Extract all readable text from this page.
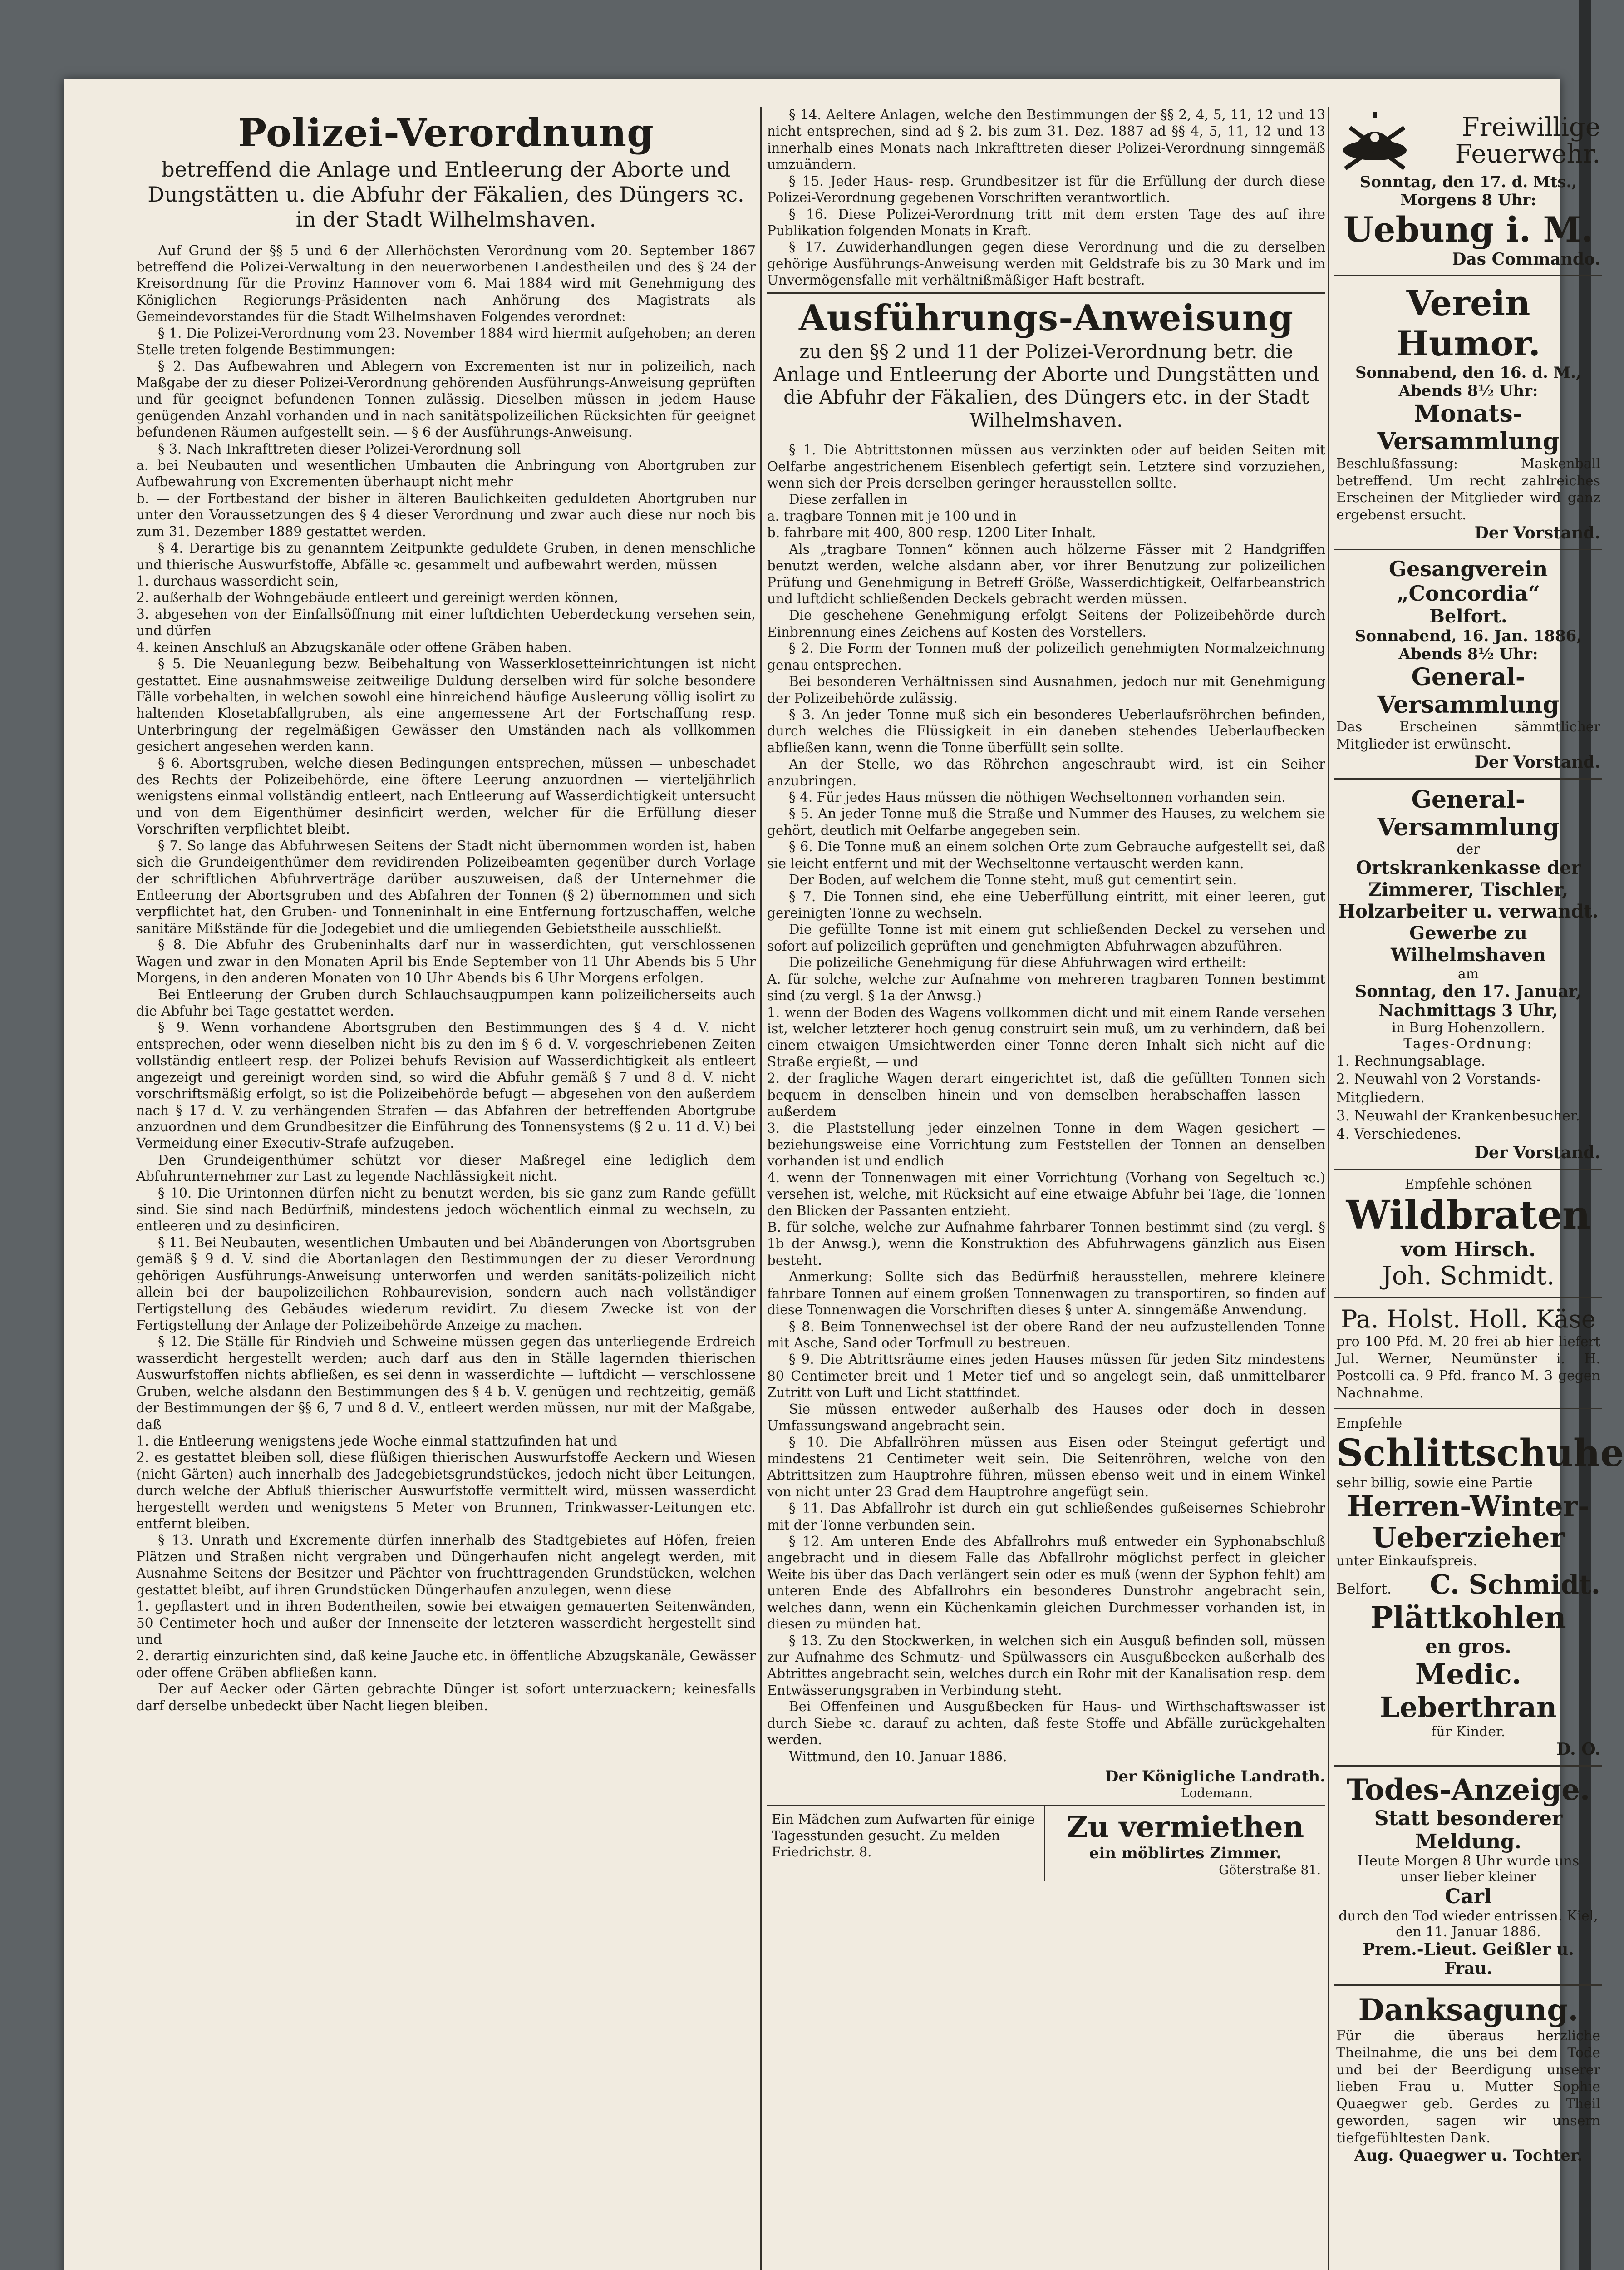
Polizei-Verordnung
betreffend die Anlage und Entleerung der Aborte und Dungstätten u. die Abfuhr der Fäkalien, des Düngers ꝛc. in der Stadt Wilhelmshaven.

Auf Grund der §§ 5 und 6 der Allerhöchsten Verordnung vom 20. September 1867 betreffend die Polizei-Verwaltung in den neuerworbenen Landestheilen und des § 24 der Kreisordnung für die Provinz Hannover vom 6. Mai 1884 wird mit Genehmigung des Königlichen Regierungs-Präsidenten nach Anhörung des Magistrats als Gemeindevorstandes für die Stadt Wilhelmshaven Folgendes verordnet:

§ 1. Die Polizei-Verordnung vom 23. November 1884 wird hiermit aufgehoben; an deren Stelle treten folgende Bestimmungen:

§ 2. Das Aufbewahren und Ablegern von Excrementen ist nur in polizeilich, nach Maßgabe der zu dieser Polizei-Verordnung gehörenden Ausführungs-Anweisung geprüften und für geeignet befundenen Tonnen zulässig. Dieselben müssen in jedem Hause genügenden Anzahl vorhanden und in nach sanitätspolizeilichen Rücksichten für geeignet befundenen Räumen aufgestellt sein. — § 6 der Ausführungs-Anweisung.

§ 3. Nach Inkrafttreten dieser Polizei-Verordnung soll

a. bei Neubauten und wesentlichen Umbauten die Anbringung von Abortgruben zur Aufbewahrung von Excrementen überhaupt nicht mehr

b. — der Fortbestand der bisher in älteren Baulichkeiten geduldeten Abortgruben nur unter den Voraussetzungen des § 4 dieser Verordnung und zwar auch diese nur noch bis zum 31. Dezember 1889 gestattet werden.

§ 4. Derartige bis zu genanntem Zeitpunkte geduldete Gruben, in denen menschliche und thierische Auswurfstoffe, Abfälle ꝛc. gesammelt und aufbewahrt werden, müssen

1. durchaus wasserdicht sein,

2. außerhalb der Wohngebäude entleert und gereinigt werden können,

3. abgesehen von der Einfallsöffnung mit einer luftdichten Ueberdeckung versehen sein, und dürfen

4. keinen Anschluß an Abzugskanäle oder offene Gräben haben.

§ 5. Die Neuanlegung bezw. Beibehaltung von Wasserklosetteinrichtungen ist nicht gestattet. Eine ausnahmsweise zeitweilige Duldung derselben wird für solche besondere Fälle vorbehalten, in welchen sowohl eine hinreichend häufige Ausleerung völlig isolirt zu haltenden Klosetabfallgruben, als eine angemessene Art der Fortschaffung resp. Unterbringung der regelmäßigen Gewässer den Umständen nach als vollkommen gesichert angesehen werden kann.

§ 6. Abortsgruben, welche diesen Bedingungen entsprechen, müssen — unbeschadet des Rechts der Polizeibehörde, eine öftere Leerung anzuordnen — vierteljährlich wenigstens einmal vollständig entleert, nach Entleerung auf Wasserdichtigkeit untersucht und von dem Eigenthümer desinficirt werden, welcher für die Erfüllung dieser Vorschriften verpflichtet bleibt.

§ 7. So lange das Abfuhrwesen Seitens der Stadt nicht übernommen worden ist, haben sich die Grundeigenthümer dem revidirenden Polizeibeamten gegenüber durch Vorlage der schriftlichen Abfuhrverträge darüber auszuweisen, daß der Unternehmer die Entleerung der Abortsgruben und des Abfahren der Tonnen (§ 2) übernommen und sich verpflichtet hat, den Gruben- und Tonneninhalt in eine Entfernung fortzuschaffen, welche sanitäre Mißstände für die Jodegebiet und die umliegenden Gebietstheile ausschließt.

§ 8. Die Abfuhr des Grubeninhalts darf nur in wasserdichten, gut verschlossenen Wagen und zwar in den Monaten April bis Ende September von 11 Uhr Abends bis 5 Uhr Morgens, in den anderen Monaten von 10 Uhr Abends bis 6 Uhr Morgens erfolgen.

Bei Entleerung der Gruben durch Schlauchsaugpumpen kann polizeilicherseits auch die Abfuhr bei Tage gestattet werden.

§ 9. Wenn vorhandene Abortsgruben den Bestimmungen des § 4 d. V. nicht entsprechen, oder wenn dieselben nicht bis zu den im § 6 d. V. vorgeschriebenen Zeiten vollständig entleert resp. der Polizei behufs Revision auf Wasserdichtigkeit als entleert angezeigt und gereinigt worden sind, so wird die Abfuhr gemäß § 7 und 8 d. V. nicht vorschriftsmäßig erfolgt, so ist die Polizeibehörde befugt — abgesehen von den außerdem nach § 17 d. V. zu verhängenden Strafen — das Abfahren der betreffenden Abortgrube anzuordnen und dem Grundbesitzer die Einführung des Tonnensystems (§ 2 u. 11 d. V.) bei Vermeidung einer Executiv-Strafe aufzugeben.

Den Grundeigenthümer schützt vor dieser Maßregel eine lediglich dem Abfuhrunternehmer zur Last zu legende Nachlässigkeit nicht.

§ 10. Die Urintonnen dürfen nicht zu benutzt werden, bis sie ganz zum Rande gefüllt sind. Sie sind nach Bedürfniß, mindestens jedoch wöchentlich einmal zu wechseln, zu entleeren und zu desinficiren.

§ 11. Bei Neubauten, wesentlichen Umbauten und bei Abänderungen von Abortsgruben gemäß § 9 d. V. sind die Abortanlagen den Bestimmungen der zu dieser Verordnung gehörigen Ausführungs-Anweisung unterworfen und werden sanitäts-polizeilich nicht allein bei der baupolizeilichen Rohbaurevision, sondern auch nach vollständiger Fertigstellung des Gebäudes wiederum revidirt. Zu diesem Zwecke ist von der Fertigstellung der Anlage der Polizeibehörde Anzeige zu machen.

§ 12. Die Ställe für Rindvieh und Schweine müssen gegen das unterliegende Erdreich wasserdicht hergestellt werden; auch darf aus den in Ställe lagernden thierischen Auswurfstoffen nichts abfließen, es sei denn in wasserdichte — luftdicht — verschlossene Gruben, welche alsdann den Bestimmungen des § 4 b. V. genügen und rechtzeitig, gemäß der Bestimmungen der §§ 6, 7 und 8 d. V., entleert werden müssen, nur mit der Maßgabe, daß

1. die Entleerung wenigstens jede Woche einmal stattzufinden hat und

2. es gestattet bleiben soll, diese flüßigen thierischen Auswurfstoffe Aeckern und Wiesen (nicht Gärten) auch innerhalb des Jadegebietsgrundstückes, jedoch nicht über Leitungen, durch welche der Abfluß thierischer Auswurfstoffe vermittelt wird, müssen wasserdicht hergestellt werden und wenigstens 5 Meter von Brunnen, Trinkwasser-Leitungen etc. entfernt bleiben.

§ 13. Unrath und Excremente dürfen innerhalb des Stadtgebietes auf Höfen, freien Plätzen und Straßen nicht vergraben und Düngerhaufen nicht angelegt werden, mit Ausnahme Seitens der Besitzer und Pächter von fruchttragenden Grundstücken, welchen gestattet bleibt, auf ihren Grundstücken Düngerhaufen anzulegen, wenn diese

1. gepflastert und in ihren Bodentheilen, sowie bei etwaigen gemauerten Seitenwänden, 50 Centimeter hoch und außer der Innenseite der letzteren wasserdicht hergestellt sind und

2. derartig einzurichten sind, daß keine Jauche etc. in öffentliche Abzugskanäle, Gewässer oder offene Gräben abfließen kann.

Der auf Aecker oder Gärten gebrachte Dünger ist sofort unterzuackern; keinesfalls darf derselbe unbedeckt über Nacht liegen bleiben.

§ 14. Aeltere Anlagen, welche den Bestimmungen der §§ 2, 4, 5, 11, 12 und 13 nicht entsprechen, sind ad § 2. bis zum 31. Dez. 1887 ad §§ 4, 5, 11, 12 und 13 innerhalb eines Monats nach Inkrafttreten dieser Polizei-Verordnung sinngemäß umzuändern.

§ 15. Jeder Haus- resp. Grundbesitzer ist für die Erfüllung der durch diese Polizei-Verordnung gegebenen Vorschriften verantwortlich.

§ 16. Diese Polizei-Verordnung tritt mit dem ersten Tage des auf ihre Publikation folgenden Monats in Kraft.

§ 17. Zuwiderhandlungen gegen diese Verordnung und die zu derselben gehörige Ausführungs-Anweisung werden mit Geldstrafe bis zu 30 Mark und im Unvermögensfalle mit verhältnißmäßiger Haft bestraft.

Ausführungs-Anweisung
zu den §§ 2 und 11 der Polizei-Verordnung betr. die Anlage und Entleerung der Aborte und Dungstätten und die Abfuhr der Fäkalien, des Düngers etc. in der Stadt Wilhelmshaven.

§ 1. Die Abtrittstonnen müssen aus verzinkten oder auf beiden Seiten mit Oelfarbe angestrichenem Eisenblech gefertigt sein. Letztere sind vorzuziehen, wenn sich der Preis derselben geringer herausstellen sollte.

Diese zerfallen in

a. tragbare Tonnen mit je 100 und in

b. fahrbare mit 400, 800 resp. 1200 Liter Inhalt.

Als „tragbare Tonnen“ können auch hölzerne Fässer mit 2 Handgriffen benutzt werden, welche alsdann aber, vor ihrer Benutzung zur polizeilichen Prüfung und Genehmigung in Betreff Größe, Wasserdichtigkeit, Oelfarbeanstrich und luftdicht schließenden Deckels gebracht werden müssen.

Die geschehene Genehmigung erfolgt Seitens der Polizeibehörde durch Einbrennung eines Zeichens auf Kosten des Vorstellers.

§ 2. Die Form der Tonnen muß der polizeilich genehmigten Normalzeichnung genau entsprechen.

Bei besonderen Verhältnissen sind Ausnahmen, jedoch nur mit Genehmigung der Polizeibehörde zulässig.

§ 3. An jeder Tonne muß sich ein besonderes Ueberlaufsröhrchen befinden, durch welches die Flüssigkeit in ein daneben stehendes Ueberlaufbecken abfließen kann, wenn die Tonne überfüllt sein sollte.

An der Stelle, wo das Röhrchen angeschraubt wird, ist ein Seiher anzubringen.

§ 4. Für jedes Haus müssen die nöthigen Wechseltonnen vorhanden sein.

§ 5. An jeder Tonne muß die Straße und Nummer des Hauses, zu welchem sie gehört, deutlich mit Oelfarbe angegeben sein.

§ 6. Die Tonne muß an einem solchen Orte zum Gebrauche aufgestellt sei, daß sie leicht entfernt und mit der Wechseltonne vertauscht werden kann.

Der Boden, auf welchem die Tonne steht, muß gut cementirt sein.

§ 7. Die Tonnen sind, ehe eine Ueberfüllung eintritt, mit einer leeren, gut gereinigten Tonne zu wechseln.

Die gefüllte Tonne ist mit einem gut schließenden Deckel zu versehen und sofort auf polizeilich geprüften und genehmigten Abfuhrwagen abzuführen.

Die polizeiliche Genehmigung für diese Abfuhrwagen wird ertheilt:

A. für solche, welche zur Aufnahme von mehreren tragbaren Tonnen bestimmt sind (zu vergl. § 1a der Anwsg.)

1. wenn der Boden des Wagens vollkommen dicht und mit einem Rande versehen ist, welcher letzterer hoch genug construirt sein muß, um zu verhindern, daß bei einem etwaigen Umsichtwerden einer Tonne deren Inhalt sich nicht auf die Straße ergießt, — und

2. der fragliche Wagen derart eingerichtet ist, daß die gefüllten Tonnen sich bequem in denselben hinein und von demselben herabschaffen lassen — außerdem

3. die Plaststellung jeder einzelnen Tonne in dem Wagen gesichert — beziehungsweise eine Vorrichtung zum Feststellen der Tonnen an denselben vorhanden ist und endlich

4. wenn der Tonnenwagen mit einer Vorrichtung (Vorhang von Segeltuch ꝛc.) versehen ist, welche, mit Rücksicht auf eine etwaige Abfuhr bei Tage, die Tonnen den Blicken der Passanten entzieht.

B. für solche, welche zur Aufnahme fahrbarer Tonnen bestimmt sind (zu vergl. § 1b der Anwsg.), wenn die Konstruktion des Abfuhrwagens gänzlich aus Eisen besteht.

Anmerkung: Sollte sich das Bedürfniß herausstellen, mehrere kleinere fahrbare Tonnen auf einem großen Tonnenwagen zu transportiren, so finden auf diese Tonnenwagen die Vorschriften dieses § unter A. sinngemäße Anwendung.

§ 8. Beim Tonnenwechsel ist der obere Rand der neu aufzustellenden Tonne mit Asche, Sand oder Torfmull zu bestreuen.

§ 9. Die Abtrittsräume eines jeden Hauses müssen für jeden Sitz mindestens 80 Centimeter breit und 1 Meter tief und so angelegt sein, daß unmittelbarer Zutritt von Luft und Licht stattfindet.

Sie müssen entweder außerhalb des Hauses oder doch in dessen Umfassungswand angebracht sein.

§ 10. Die Abfallröhren müssen aus Eisen oder Steingut gefertigt und mindestens 21 Centimeter weit sein. Die Seitenröhren, welche von den Abtrittsitzen zum Hauptrohre führen, müssen ebenso weit und in einem Winkel von nicht unter 23 Grad dem Hauptrohre angefügt sein.

§ 11. Das Abfallrohr ist durch ein gut schließendes gußeisernes Schiebrohr mit der Tonne verbunden sein.

§ 12. Am unteren Ende des Abfallrohrs muß entweder ein Syphonabschluß angebracht und in diesem Falle das Abfallrohr möglichst perfect in gleicher Weite bis über das Dach verlängert sein oder es muß (wenn der Syphon fehlt) am unteren Ende des Abfallrohrs ein besonderes Dunstrohr angebracht sein, welches dann, wenn ein Küchenkamin gleichen Durchmesser vorhanden ist, in diesen zu münden hat.

§ 13. Zu den Stockwerken, in welchen sich ein Ausguß befinden soll, müssen zur Aufnahme des Schmutz- und Spülwassers ein Ausgußbecken außerhalb des Abtrittes angebracht sein, welches durch ein Rohr mit der Kanalisation resp. dem Entwässerungsgraben in Verbindung steht.

Bei Offenfeinen und Ausgußbecken für Haus- und Wirthschaftswasser ist durch Siebe ꝛc. darauf zu achten, daß feste Stoffe und Abfälle zurückgehalten werden.

Wittmund, den 10. Januar 1886.

Der Königliche Landrath.
Lodemann.
Ein Mädchen zum Aufwarten für einige Tagesstunden gesucht. Zu melden Friedrichstr. 8.
Zu vermiethen
ein möblirtes Zimmer.
Göterstraße 81.
Freiwillige Feuerwehr.
Sonntag, den 17. d. Mts., Morgens 8 Uhr:
Uebung i. M.
Das Commando.
Verein Humor.
Sonnabend, den 16. d. M., Abends 8½ Uhr:
Monats-Versammlung
Beschlußfassung: Maskenball betreffend. Um recht zahlreiches Erscheinen der Mitglieder wird ganz ergebenst ersucht.
Der Vorstand.
Gesangverein „Concordia“
Belfort.
Sonnabend, 16. Jan. 1886, Abends 8½ Uhr:
General-Versammlung
Das Erscheinen sämmtlicher Mitglieder ist erwünscht.
Der Vorstand.
General-Versammlung
der
Ortskrankenkasse der Zimmerer, Tischler, Holzarbeiter u. verwandt. Gewerbe zu Wilhelmshaven
am
Sonntag, den 17. Januar, Nachmittags 3 Uhr,
in Burg Hohenzollern.
Tages-Ordnung:
1. Rechnungsablage.
2. Neuwahl von 2 Vorstands-Mitgliedern.
3. Neuwahl der Krankenbesucher.
4. Verschiedenes.
Der Vorstand.
Empfehle schönen
Wildbraten
vom Hirsch.
Joh. Schmidt.
Pa. Holst. Holl. Käse
pro 100 Pfd. M. 20 frei ab hier liefert Jul. Werner, Neumünster i. H. Postcolli ca. 9 Pfd. franco M. 3 gegen Nachnahme.
Empfehle
Schlittschuhe
sehr billig, sowie eine Partie
Herren-Winter-Ueberzieher
unter Einkaufspreis.
Belfort. C. Schmidt.
Plättkohlen
en gros.
Medic. Leberthran
für Kinder.
D. O.
Todes-Anzeige.
Statt besonderer Meldung.
Heute Morgen 8 Uhr wurde uns unser lieber kleiner
Carl
durch den Tod wieder entrissen. Kiel, den 11. Januar 1886.
Prem.-Lieut. Geißler u. Frau.
Danksagung.
Für die überaus herzliche Theilnahme, die uns bei dem Tode und bei der Beerdigung unserer lieben Frau u. Mutter Sophie Quaegwer geb. Gerdes zu Theil geworden, sagen wir unsern tiefgefühltesten Dank.
Aug. Quaegwer u. Tochter.
